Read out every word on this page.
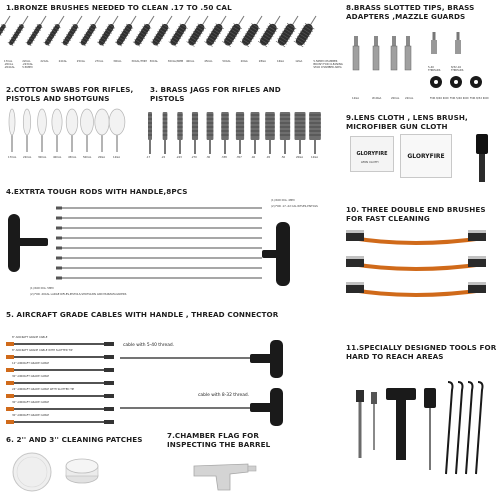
1.BRONZE BRUSHES NEEDED TO CLEAN .17 TO .50 CAL
17CAL
.20CAL
.204CAL
22CAL
.223CAL
5.56MM
22CAL	24CAL	25CAL	27CAL	30CAL	30CAL/7MM 30CAL	30CAL/8MM 40CAL	45CAL	50CAL	20GA	28GA	16GA	12GA	5.56MM CHAMBER
BRUSH FOR CLEANING
STAR CHAMBER AREA
2.COTTON SWABS FOR RIFLES,
PISTOLS AND SHOTGUNS
17CAL	22CAL	30CAL	40CAL	45CAL	50CAL	20GA	12GA
3. BRASS JAGS FOR RIFLES AND
PISTOLS
.17	.22	.243	.270	.30	.338	.357	.40	.45	.50	20GA	12GA
4.EXTRTA TOUGH RODS WITH HANDLE,8PCS
(1) ROD DIA. 4MM
(2) FOR .17-.22 CAL RIFLES,PISTOLS
(1) ROD DIA. 5MM
(2) FOR .20CAL LARGE RIFLES,PISTOLS,SHOTGUNS AND MUZZLELOADERS
5. AIRCRAFT GRADE CABLES WITH HANDLE , THREAD CONNECTOR
cable with 5-40 thread.
cable with 8-32 thread.
8" AIRCRAFT GRADE CABLE
8" AIRCRAFT GRADE CABLE WITH SLOTTED TIP
12" AIRCRAFT GRADE CABLE
30" AIRCRAFT GRADE CABLE
24" AIRCRAFT GRADE CABLE WITH SLOTTED TIP
30" AIRCRAFT GRADE CABLE
30" AIRCRAFT GRADE CABLE
6. 2'' AND 3'' CLEANING PATCHES	7.CHAMBER FLAG FOR
INSPECTING THE BARREL
8.BRASS SLOTTED TIPS, BRASS
ADAPTERS ,MAZZLE GUARDS
12GA	#10GA	20CAL 22CAL
5-40
THREADS
8/32-16
THREADS
FOR 8/40 ROD FOR 5/40 ROD FOR 8/32 ROD
9.LENS CLOTH , LENS BRUSH,
MICROFIBER GUN CLOTH
GLORYFIRE
LENS CLOTH
GLORYFIRE
10. THREE DOUBLE END BRUSHES
FOR FAST CLEANING
11.SPECIALLY DESIGNED TOOLS FOR
HARD TO REACH AREAS
